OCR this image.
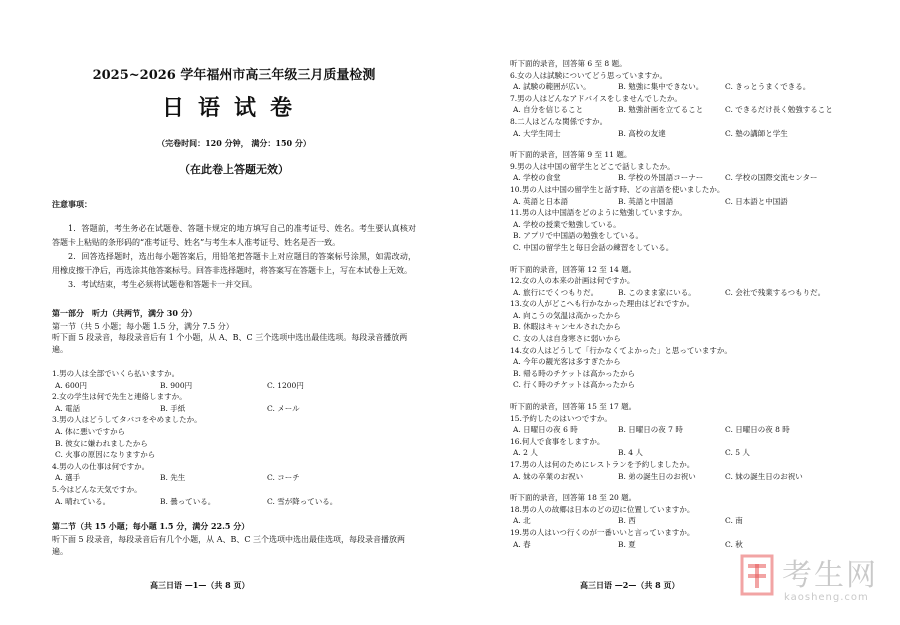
2025~2026 学年福州市高三年级三月质量检测

日语试卷

（完卷时间：120 分钟， 满分：150 分）

（在此卷上答题无效）

注意事项：

1．答题前，考生务必在试题卷、答题卡规定的地方填写自己的准考证号、姓名。考生要认真核对答题卡上粘贴的条形码的“准考证号、姓名”与考生本人准考证号、姓名是否一致。

2．回答选择题时，选出每小题答案后，用铅笔把答题卡上对应题目的答案标号涂黑，如需改动，用橡皮擦干净后，再选涂其他答案标号。回答非选择题时，将答案写在答题卡上，写在本试卷上无效。

3．考试结束，考生必须将试题卷和答题卡一并交回。

第一部分　听力（共两节，满分 30 分）

第一节（共 5 小题；每小题 1.5 分，满分 7.5 分）

听下面 5 段录音，每段录音后有 1 个小题，从 A、B、C 三个选项中选出最佳选项。每段录音播放两遍。

1.男の人は全部でいくら払いますか。

A. 600円	B. 900円	C. 1200円

2.女の学生は何で先生と連絡しますか。

A. 電話	B. 手紙	C. メール

3.男の人はどうしてタバコをやめましたか。

A. 体に悪いですから

B. 彼女に嫌われましたから

C. 火事の原因になりますから

4.男の人の仕事は何ですか。

A. 選手	B. 先生	C. コーチ

5.今はどんな天気ですか。

A. 晴れている。	B. 曇っている。	C. 雪が降っている。

第二节（共 15 小题；每小题 1.5 分，满分 22.5 分）

听下面 5 段录音，每段录音后有几个小题，从 A、B、C 三个选项中选出最佳选项，每段录音播放两遍。

高三日语 —1—（共 8 页）

听下面的录音，回答第 6 至 8 题。

6.女の人は試験についてどう思っていますか。

A. 試験の範囲が広い。	B. 勉強に集中できない。	C. きっとうまくできる。

7.男の人はどんなアドバイスをしませんでしたか。

A. 自分を信じること	B. 勉強計画を立てること	C. できるだけ長く勉強すること

8.二人はどんな関係ですか。

A. 大学生同士	B. 高校の友達	C. 塾の講師と学生

听下面的录音，回答第 9 至 11 题。

9.男の人は中国の留学生とどこで話しましたか。

A. 学校の食堂	B. 学校の外国語コーナー	C. 学校の国際交流センター

10.男の人は中国の留学生と話す時、どの言語を使いましたか。

A. 英語と日本語	B. 英語と中国語	C. 日本語と中国語

11.男の人は中国語をどのように勉強していますか。

A. 学校の授業で勉強している。

B. アプリで中国語の勉強をしている。

C. 中国の留学生と毎日会話の練習をしている。

听下面的录音，回答第 12 至 14 题。

12.女の人の本来の計画は何ですか。

A. 旅行にでくつもりだ。	B. このまま家にいる。	C. 会社で残業するつもりだ。

13.女の人がどこへも行かなかった理由はどれですか。

A. 向こうの気温は高かったから

B. 休暇はキャンセルされたから

C. 女の人は自身寒さに弱いから

14.女の人はどうして「行かなくてよかった」と思っていますか。

A. 今年の観光客は多すぎたから

B. 帰る時のチケットは高かったから

C. 行く時のチケットは高かったから

听下面的录音，回答第 15 至 17 题。

15.予約したのはいつですか。

A. 日曜日の夜 6 時	B. 日曜日の夜 7 時	C. 日曜日の夜 8 時

16.何人で食事をしますか。

A. 2 人	B. 4 人	C. 5 人

17.男の人は何のためにレストランを予約しましたか。

A. 妹の卒業のお祝い	B. 弟の誕生日のお祝い	C. 妹の誕生日のお祝い

听下面的录音，回答第 18 至 20 题。

18.男の人の故郷は日本のどの辺に位置していますか。

A. 北	B. 西	C. 南

19.男の人はいつ行くのが一番いいと言っていますか。

A. 春	B. 夏	C. 秋
高三日语 —2—（共 8 页）	考生网
kaosheng.com
